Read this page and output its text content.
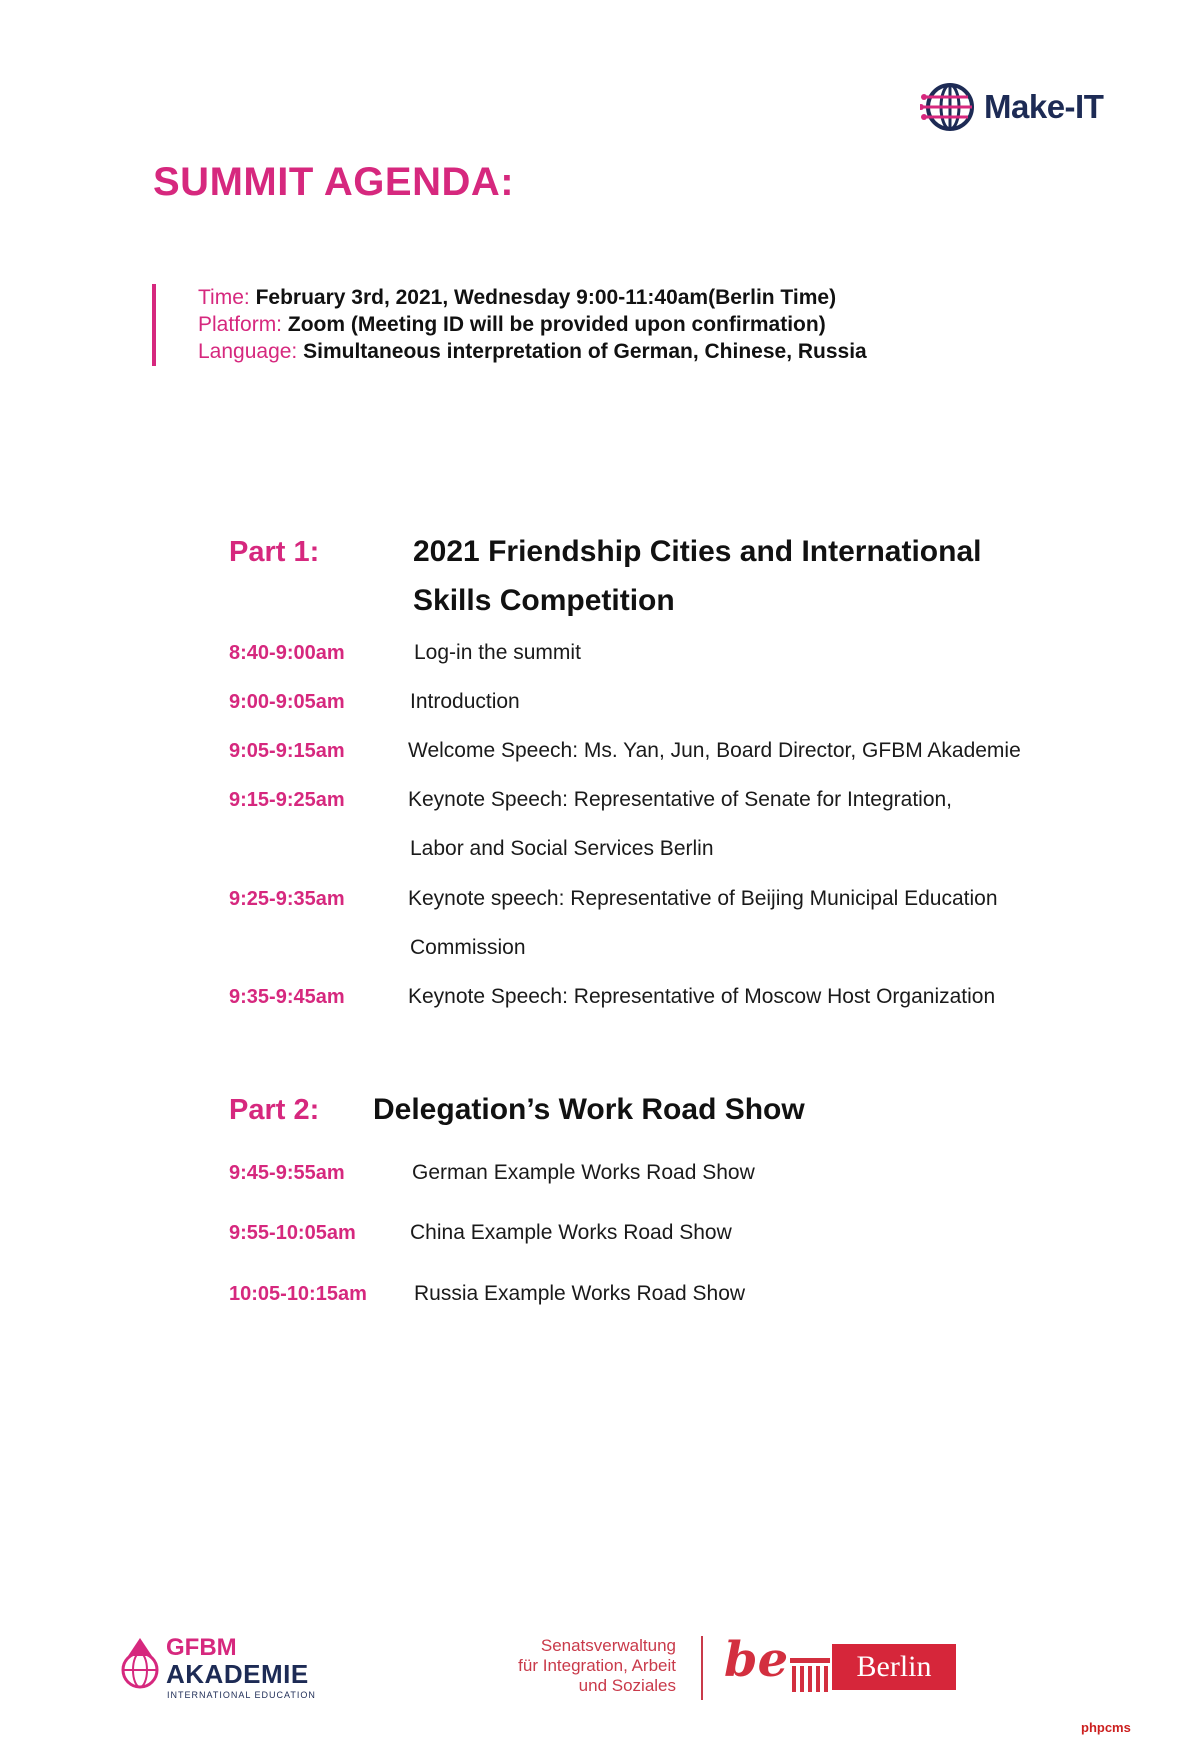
Make-IT
SUMMIT AGENDA:
Time: February 3rd, 2021, Wednesday 9:00-11:40am(Berlin Time)
Platform: Zoom (Meeting ID will be provided upon confirmation)
Language: Simultaneous interpretation of German, Chinese, Russia
Part 1:	2021 Friendship Cities and International
Skills Competition
8:40-9:00am	Log-in the summit
9:00-9:05am	Introduction
9:05-9:15am	Welcome Speech: Ms. Yan, Jun, Board Director, GFBM Akademie
9:15-9:25am	Keynote Speech: Representative of Senate for Integration,
Labor and Social Services Berlin
9:25-9:35am	Keynote speech: Representative of Beijing Municipal Education
Commission
9:35-9:45am	Keynote Speech: Representative of Moscow Host Organization
Part 2: Delegation’s Work Road Show
9:45-9:55am	German Example Works Road Show
9:55-10:05am	China Example Works Road Show
10:05-10:15am Russia Example Works Road Show
GFBM
AKADEMIE
INTERNATIONAL EDUCATION
Senatsverwaltung
für Integration, Arbeit
und Soziales be	Berlin
phpcms
